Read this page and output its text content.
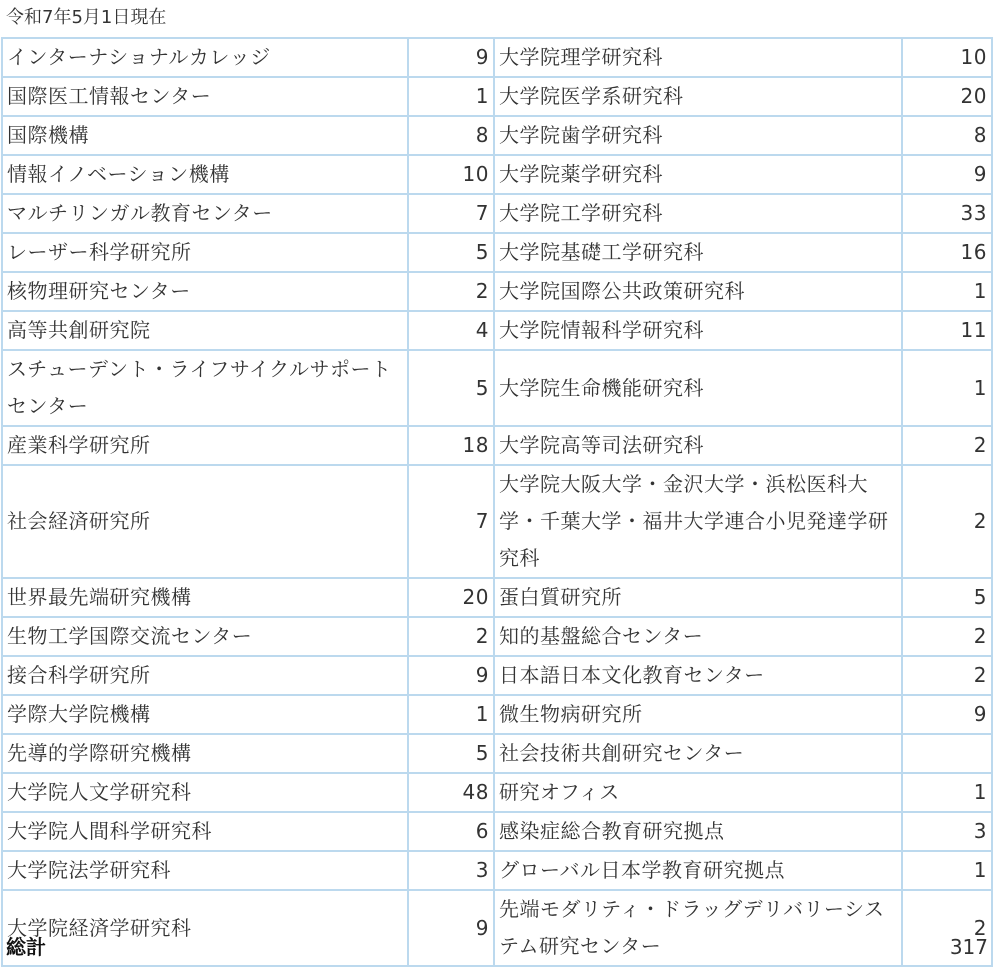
令和7年5月1日現在
インターナショナルカレッジ	9	大学院理学研究科	10
国際医工情報センター	1	大学院医学系研究科	20
国際機構	8	大学院歯学研究科	8
情報イノベーション機構	10	大学院薬学研究科	9
マルチリンガル教育センター	7	大学院工学研究科	33
レーザー科学研究所	5	大学院基礎工学研究科	16
核物理研究センター	2	大学院国際公共政策研究科	1
高等共創研究院	4	大学院情報科学研究科	11
スチューデント・ライフサイクルサポートセンター	5	大学院生命機能研究科	1
産業科学研究所	18	大学院高等司法研究科	2
社会経済研究所	7	大学院大阪大学・金沢大学・浜松医科大学・千葉大学・福井大学連合小児発達学研究科	2
世界最先端研究機構	20	蛋白質研究所	5
生物工学国際交流センター	2	知的基盤総合センター	2
接合科学研究所	9	日本語日本文化教育センター	2
学際大学院機構	1	微生物病研究所	9
先導的学際研究機構	5	社会技術共創研究センター	
大学院人文学研究科	48	研究オフィス	1
大学院人間科学研究科	6	感染症総合教育研究拠点	3
大学院法学研究科	3	グローバル日本学教育研究拠点	1
大学院経済学研究科	9	先端モダリティ・ドラッグデリバリーシステム研究センター	2
総計	317
